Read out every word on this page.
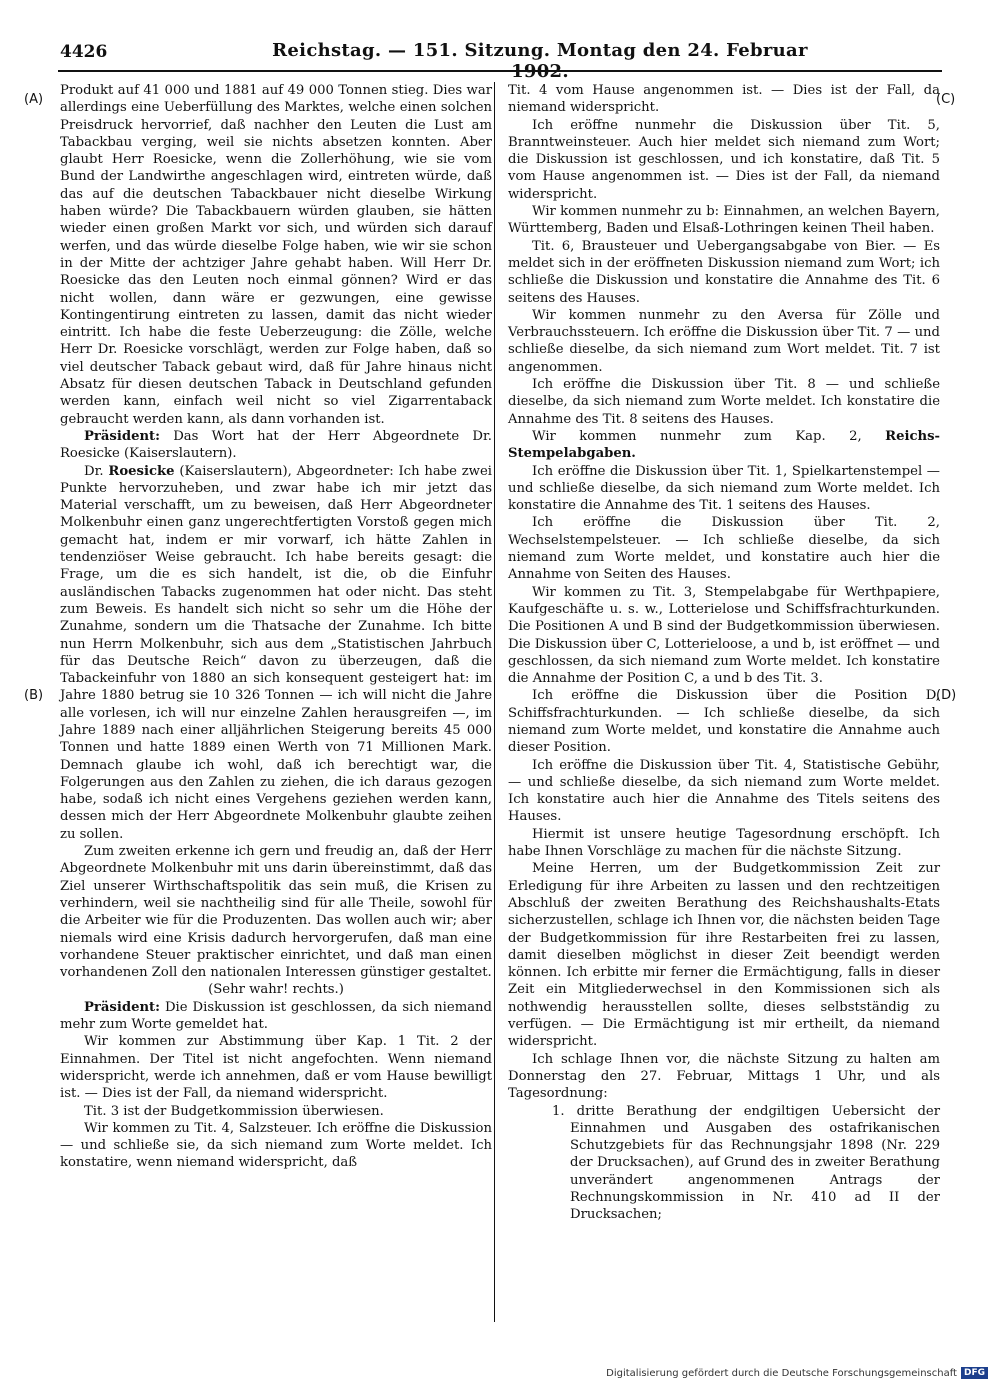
4426	Reichstag. — 151. Sitzung. Montag den 24. Februar 1902.
(A)
(B)
(C)
(D)

Produkt auf 41 000 und 1881 auf 49 000 Tonnen stieg. Dies war allerdings eine Ueberfüllung des Marktes, welche einen solchen Preisdruck hervorrief, daß nachher den Leuten die Lust am Tabackbau verging, weil sie nichts absetzen konnten. Aber glaubt Herr Roesicke, wenn die Zollerhöhung, wie sie vom Bund der Landwirthe angeschlagen wird, eintreten würde, daß das auf die deutschen Tabackbauer nicht dieselbe Wirkung haben würde? Die Tabackbauern würden glauben, sie hätten wieder einen großen Markt vor sich, und würden sich darauf werfen, und das würde dieselbe Folge haben, wie wir sie schon in der Mitte der achtziger Jahre gehabt haben. Will Herr Dr. Roesicke das den Leuten noch einmal gönnen? Wird er das nicht wollen, dann wäre er gezwungen, eine gewisse Kontingentirung eintreten zu lassen, damit das nicht wieder eintritt. Ich habe die feste Ueberzeugung: die Zölle, welche Herr Dr. Roesicke vorschlägt, werden zur Folge haben, daß so viel deutscher Taback gebaut wird, daß für Jahre hinaus nicht Absatz für diesen deutschen Taback in Deutschland gefunden werden kann, einfach weil nicht so viel Zigarrentaback gebraucht werden kann, als dann vorhanden ist.

Präsident: Das Wort hat der Herr Abgeordnete Dr. Roesicke (Kaiserslautern).

Dr. Roesicke (Kaiserslautern), Abgeordneter: Ich habe zwei Punkte hervorzuheben, und zwar habe ich mir jetzt das Material verschafft, um zu beweisen, daß Herr Abgeordneter Molkenbuhr einen ganz ungerechtfertigten Vorstoß gegen mich gemacht hat, indem er mir vorwarf, ich hätte Zahlen in tendenziöser Weise gebraucht. Ich habe bereits gesagt: die Frage, um die es sich handelt, ist die, ob die Einfuhr ausländischen Tabacks zugenommen hat oder nicht. Das steht zum Beweis. Es handelt sich nicht so sehr um die Höhe der Zunahme, sondern um die Thatsache der Zunahme. Ich bitte nun Herrn Molkenbuhr, sich aus dem „Statistischen Jahrbuch für das Deutsche Reich“ davon zu überzeugen, daß die Tabackeinfuhr von 1880 an sich konsequent gesteigert hat: im Jahre 1880 betrug sie 10 326 Tonnen — ich will nicht die Jahre alle vorlesen, ich will nur einzelne Zahlen herausgreifen —, im Jahre 1889 nach einer alljährlichen Steigerung bereits 45 000 Tonnen und hatte 1889 einen Werth von 71 Millionen Mark. Demnach glaube ich wohl, daß ich berechtigt war, die Folgerungen aus den Zahlen zu ziehen, die ich daraus gezogen habe, sodaß ich nicht eines Vergehens geziehen werden kann, dessen mich der Herr Abgeordnete Molkenbuhr glaubte zeihen zu sollen.

Zum zweiten erkenne ich gern und freudig an, daß der Herr Abgeordnete Molkenbuhr mit uns darin übereinstimmt, daß das Ziel unserer Wirthschaftspolitik das sein muß, die Krisen zu verhindern, weil sie nachtheilig sind für alle Theile, sowohl für die Arbeiter wie für die Produzenten. Das wollen auch wir; aber niemals wird eine Krisis dadurch hervorgerufen, daß man eine vorhandene Steuer praktischer einrichtet, und daß man einen vorhandenen Zoll den nationalen Interessen günstiger gestaltet.

(Sehr wahr! rechts.)

Präsident: Die Diskussion ist geschlossen, da sich niemand mehr zum Worte gemeldet hat.

Wir kommen zur Abstimmung über Kap. 1 Tit. 2 der Einnahmen. Der Titel ist nicht angefochten. Wenn niemand widerspricht, werde ich annehmen, daß er vom Hause bewilligt ist. — Dies ist der Fall, da niemand widerspricht.

Tit. 3 ist der Budgetkommission überwiesen.

Wir kommen zu Tit. 4, Salzsteuer. Ich eröffne die Diskussion — und schließe sie, da sich niemand zum Worte meldet. Ich konstatire, wenn niemand widerspricht, daß

Tit. 4 vom Hause angenommen ist. — Dies ist der Fall, da niemand widerspricht.

Ich eröffne nunmehr die Diskussion über Tit. 5, Branntweinsteuer. Auch hier meldet sich niemand zum Wort; die Diskussion ist geschlossen, und ich konstatire, daß Tit. 5 vom Hause angenommen ist. — Dies ist der Fall, da niemand widerspricht.

Wir kommen nunmehr zu b: Einnahmen, an welchen Bayern, Württemberg, Baden und Elsaß-Lothringen keinen Theil haben.

Tit. 6, Brausteuer und Uebergangsabgabe von Bier. — Es meldet sich in der eröffneten Diskussion niemand zum Wort; ich schließe die Diskussion und konstatire die Annahme des Tit. 6 seitens des Hauses.

Wir kommen nunmehr zu den Aversa für Zölle und Verbrauchssteuern. Ich eröffne die Diskussion über Tit. 7 — und schließe dieselbe, da sich niemand zum Wort meldet. Tit. 7 ist angenommen.

Ich eröffne die Diskussion über Tit. 8 — und schließe dieselbe, da sich niemand zum Worte meldet. Ich konstatire die Annahme des Tit. 8 seitens des Hauses.

Wir kommen nunmehr zum Kap. 2, Reichs-Stempelabgaben.

Ich eröffne die Diskussion über Tit. 1, Spielkartenstempel — und schließe dieselbe, da sich niemand zum Worte meldet. Ich konstatire die Annahme des Tit. 1 seitens des Hauses.

Ich eröffne die Diskussion über Tit. 2, Wechselstempelsteuer. — Ich schließe dieselbe, da sich niemand zum Worte meldet, und konstatire auch hier die Annahme von Seiten des Hauses.

Wir kommen zu Tit. 3, Stempelabgabe für Werthpapiere, Kaufgeschäfte u. s. w., Lotterielose und Schiffsfrachturkunden. Die Positionen A und B sind der Budgetkommission überwiesen. Die Diskussion über C, Lotterieloose, a und b, ist eröffnet — und geschlossen, da sich niemand zum Worte meldet. Ich konstatire die Annahme der Position C, a und b des Tit. 3.

Ich eröffne die Diskussion über die Position D, Schiffsfrachturkunden. — Ich schließe dieselbe, da sich niemand zum Worte meldet, und konstatire die Annahme auch dieser Position.

Ich eröffne die Diskussion über Tit. 4, Statistische Gebühr, — und schließe dieselbe, da sich niemand zum Worte meldet. Ich konstatire auch hier die Annahme des Titels seitens des Hauses.

Hiermit ist unsere heutige Tagesordnung erschöpft. Ich habe Ihnen Vorschläge zu machen für die nächste Sitzung.

Meine Herren, um der Budgetkommission Zeit zur Erledigung für ihre Arbeiten zu lassen und den rechtzeitigen Abschluß der zweiten Berathung des Reichshaushalts-Etats sicherzustellen, schlage ich Ihnen vor, die nächsten beiden Tage der Budgetkommission für ihre Restarbeiten frei zu lassen, damit dieselben möglichst in dieser Zeit beendigt werden können. Ich erbitte mir ferner die Ermächtigung, falls in dieser Zeit ein Mitgliederwechsel in den Kommissionen sich als nothwendig herausstellen sollte, dieses selbstständig zu verfügen. — Die Ermächtigung ist mir ertheilt, da niemand widerspricht.

Ich schlage Ihnen vor, die nächste Sitzung zu halten am Donnerstag den 27. Februar, Mittags 1 Uhr, und als Tagesordnung:

1. dritte Berathung der endgiltigen Uebersicht der Einnahmen und Ausgaben des ostafrikanischen Schutzgebiets für das Rechnungsjahr 1898 (Nr. 229 der Drucksachen), auf Grund des in zweiter Berathung unverändert angenommenen Antrags der Rechnungskommission in Nr. 410 ad II der Drucksachen;

Digitalisierung gefördert durch die Deutsche Forschungsgemeinschaft DFG
